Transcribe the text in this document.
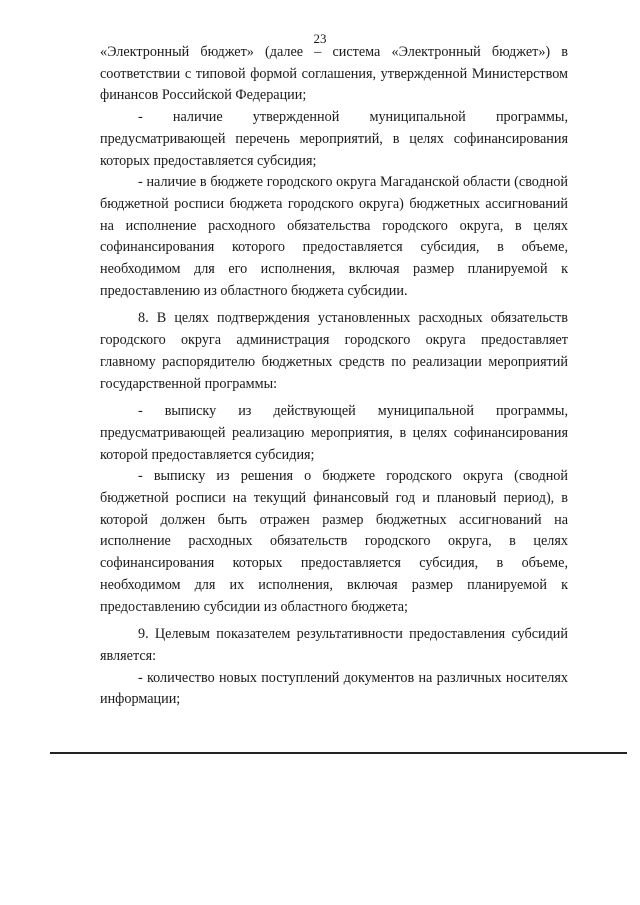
23

«Электронный бюджет» (далее – система «Электронный бюджет») в соответствии с типовой формой соглашения, утвержденной Министерством финансов Российской Федерации;

- наличие утвержденной муниципальной программы, предусматривающей перечень мероприятий, в целях софинансирования которых предоставляется субсидия;

- наличие в бюджете городского округа Магаданской области (сводной бюджетной росписи бюджета городского округа) бюджетных ассигнований на исполнение расходного обязательства городского округа, в целях софинансирования которого предоставляется субсидия, в объеме, необходимом для его исполнения, включая размер планируемой к предоставлению из областного бюджета субсидии.

8. В целях подтверждения установленных расходных обязательств городского округа администрация городского округа предоставляет главному распорядителю бюджетных средств по реализации мероприятий государственной программы:

- выписку из действующей муниципальной программы, предусматривающей реализацию мероприятия, в целях софинансирования которой предоставляется субсидия;

- выписку из решения о бюджете городского округа (сводной бюджетной росписи на текущий финансовый год и плановый период), в которой должен быть отражен размер бюджетных ассигнований на исполнение расходных обязательств городского округа, в целях софинансирования которых предоставляется субсидия, в объеме, необходимом для их исполнения, включая размер планируемой к предоставлению субсидии из областного бюджета;

9. Целевым показателем результативности предоставления субсидий является:

- количество новых поступлений документов на различных носителях информации;
